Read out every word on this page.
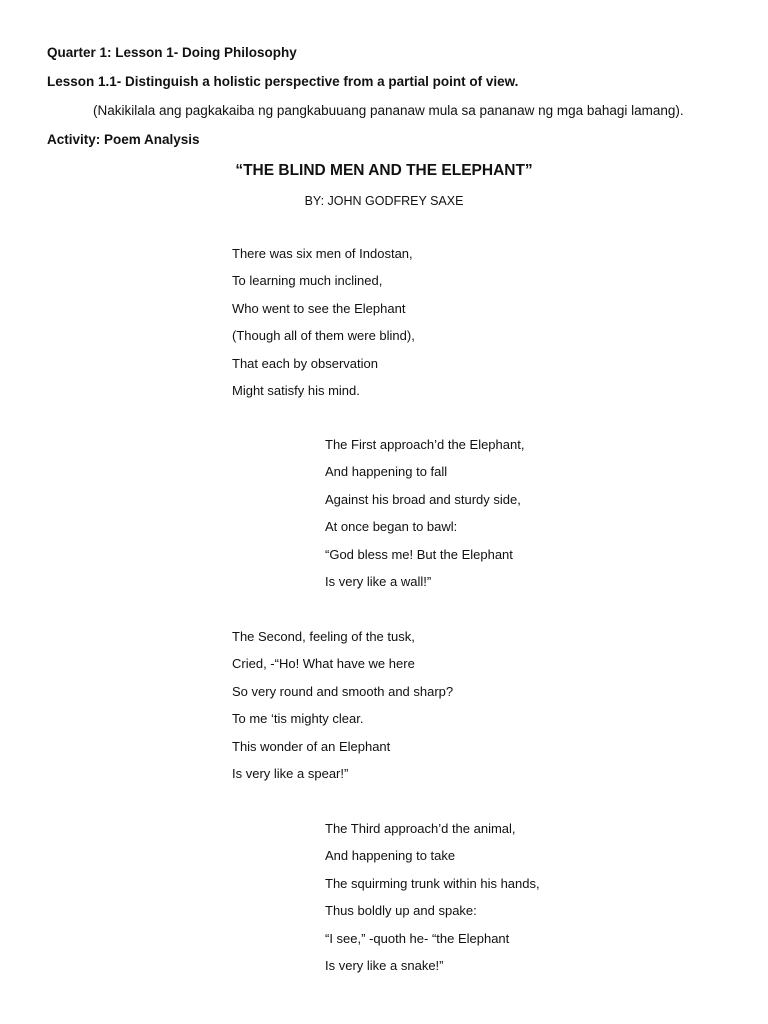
Quarter 1: Lesson 1- Doing Philosophy
Lesson 1.1- Distinguish a holistic perspective from a partial point of view.
(Nakikilala ang pagkakaiba ng pangkabuuang pananaw mula sa pananaw ng mga bahagi lamang).
Activity: Poem Analysis
“THE BLIND MEN AND THE ELEPHANT”
BY: JOHN GODFREY SAXE
There was six men of Indostan,
To learning much inclined,
Who went to see the Elephant
(Though all of them were blind),
That each by observation
Might satisfy his mind.
The First approach’d the Elephant,
And happening to fall
Against his broad and sturdy side,
At once began to bawl:
“God bless me! But the Elephant
Is very like a wall!”
The Second, feeling of the tusk,
Cried, -“Ho! What have we here
So very round and smooth and sharp?
To me ‘tis mighty clear.
This wonder of an Elephant
Is very like a spear!”
The Third approach’d the animal,
And happening to take
The squirming trunk within his hands,
Thus boldly up and spake:
“I see,” -quoth he- “the Elephant
Is very like a snake!”
